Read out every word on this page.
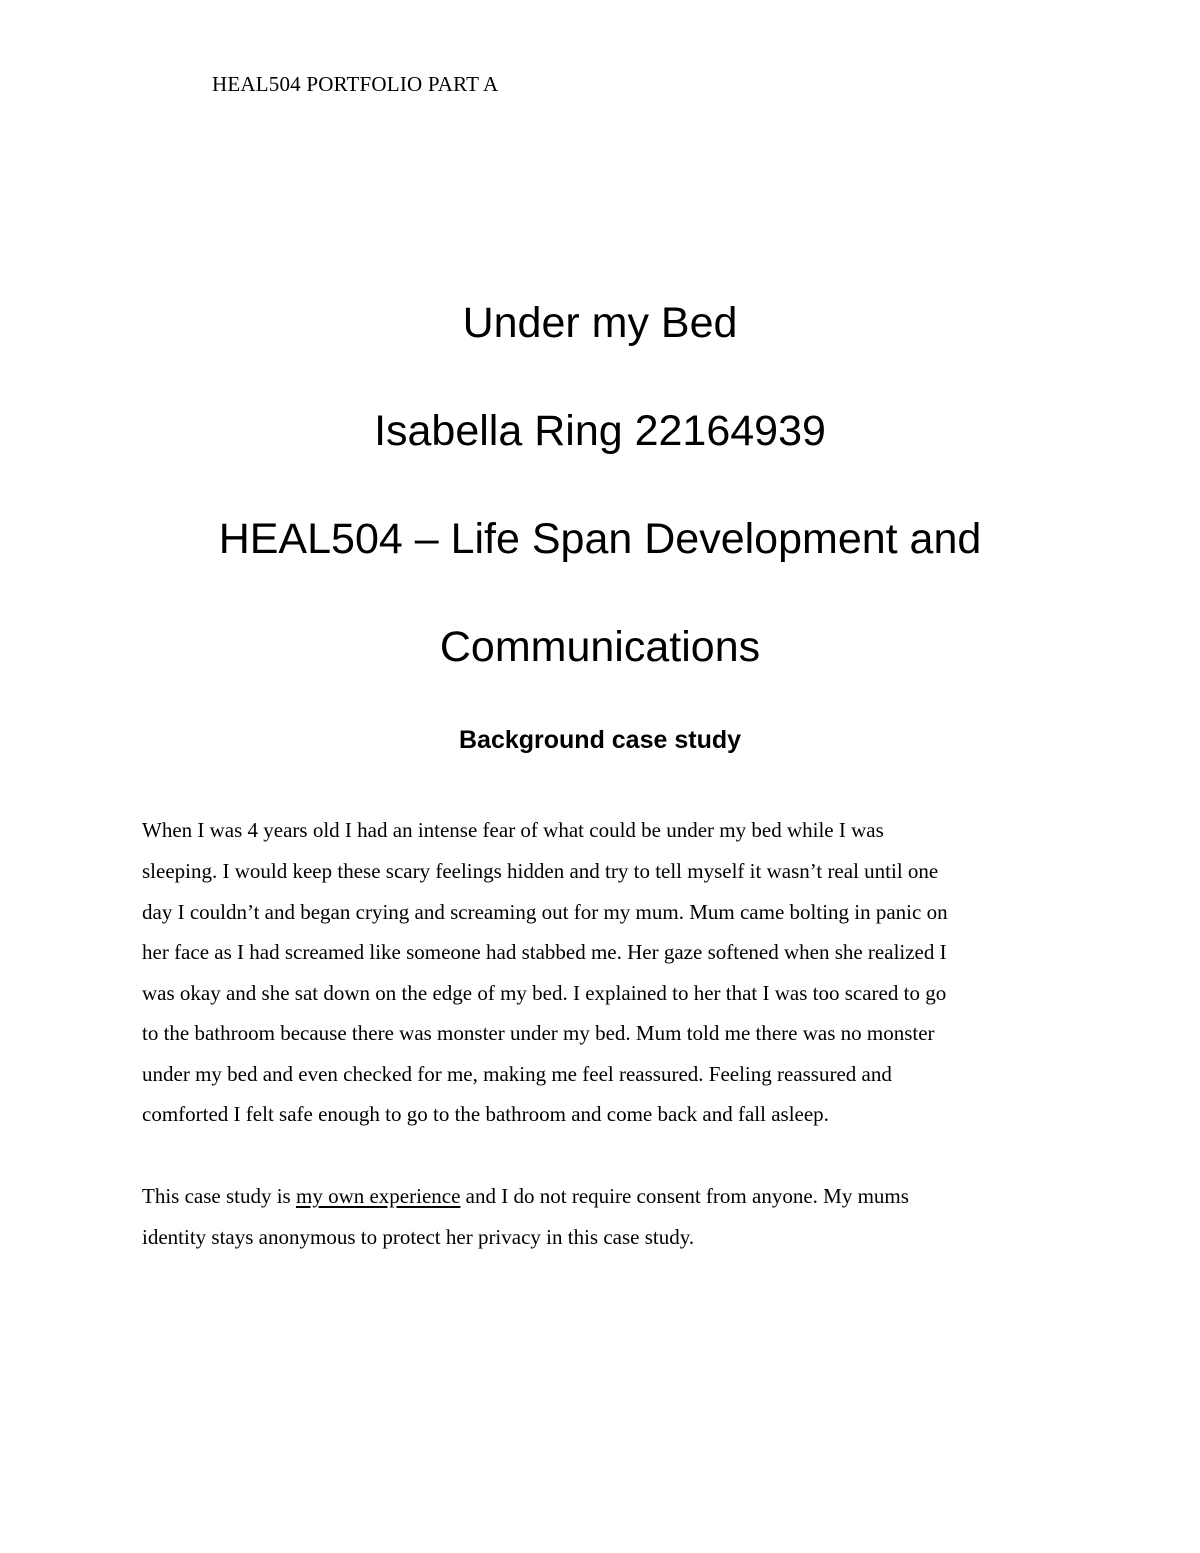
HEAL504 PORTFOLIO PART A
Under my Bed
Isabella Ring 22164939
HEAL504 – Life Span Development and
Communications
Background case study
When I was 4 years old I had an intense fear of what could be under my bed while I was
sleeping. I would keep these scary feelings hidden and try to tell myself it wasn’t real until one
day I couldn’t and began crying and screaming out for my mum. Mum came bolting in panic on
her face as I had screamed like someone had stabbed me. Her gaze softened when she realized I
was okay and she sat down on the edge of my bed. I explained to her that I was too scared to go
to the bathroom because there was monster under my bed. Mum told me there was no monster
under my bed and even checked for me, making me feel reassured. Feeling reassured and
comforted I felt safe enough to go to the bathroom and come back and fall asleep.
This case study is my own experience and I do not require consent from anyone. My mums
identity stays anonymous to protect her privacy in this case study.
